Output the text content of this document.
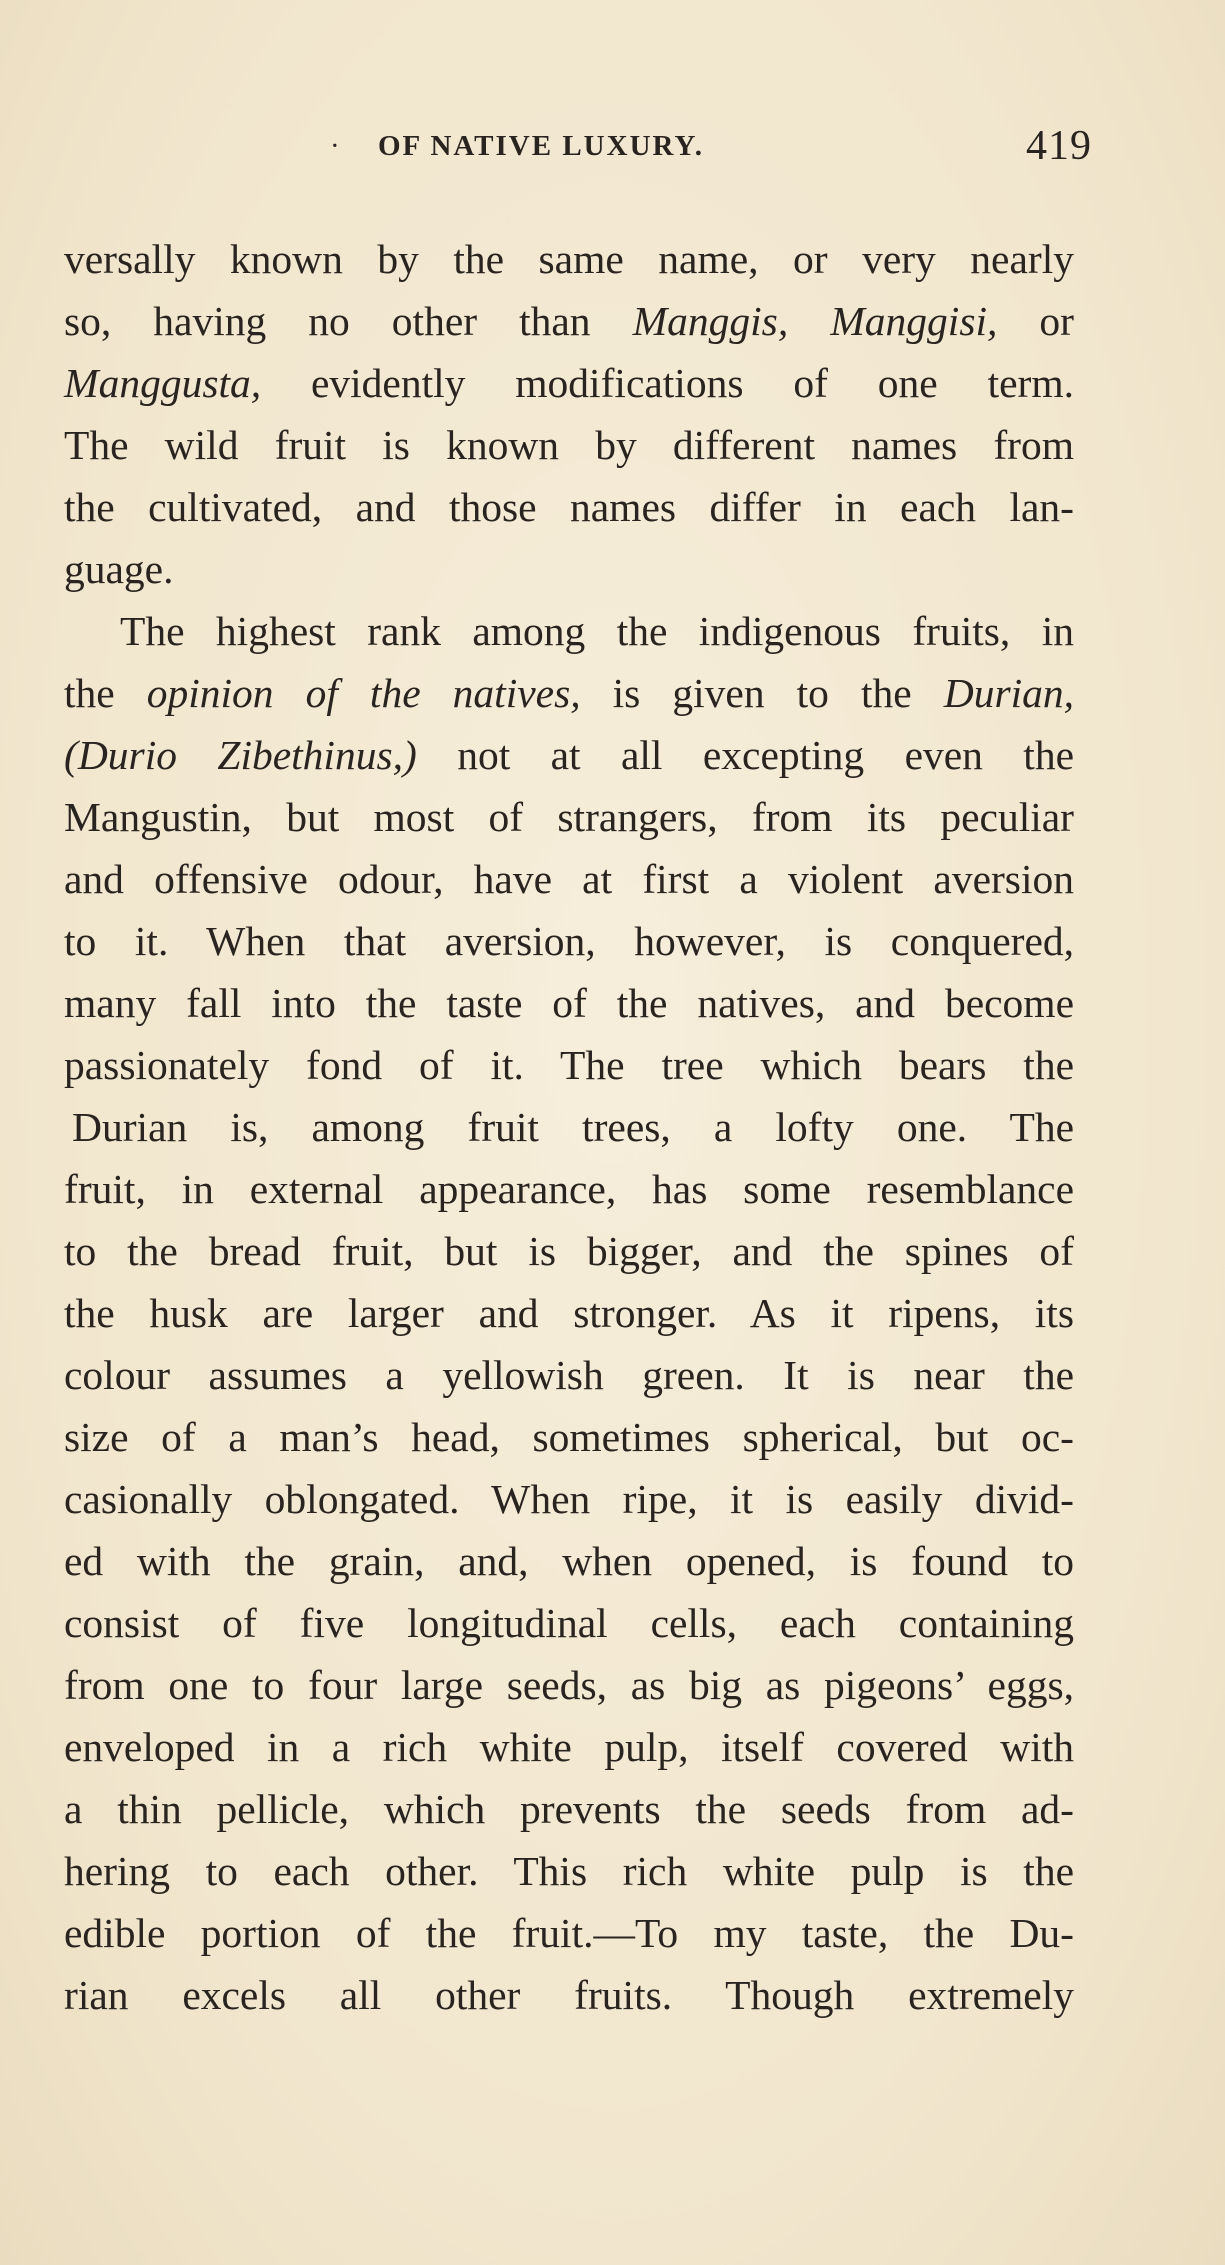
· OF NATIVE LUXURY.	419
versally known by the same name, or very nearly
so, having no other than Manggis, Manggisi, or
Manggusta, evidently modifications of one term.
The wild fruit is known by different names from
the cultivated, and those names differ in each lan-
guage.
The highest rank among the indigenous fruits, in
the opinion of the natives, is given to the Durian,
(Durio Zibethinus,) not at all excepting even the
Mangustin, but most of strangers, from its peculiar
and offensive odour, have at first a violent aversion
to it. When that aversion, however, is conquered,
many fall into the taste of the natives, and become
passionately fond of it. The tree which bears the
Durian is, among fruit trees, a lofty one. The
fruit, in external appearance, has some resemblance
to the bread fruit, but is bigger, and the spines of
the husk are larger and stronger. As it ripens, its
colour assumes a yellowish green. It is near the
size of a man’s head, sometimes spherical, but oc-
casionally oblongated. When ripe, it is easily divid-
ed with the grain, and, when opened, is found to
consist of five longitudinal cells, each containing
from one to four large seeds, as big as pigeons’ eggs,
enveloped in a rich white pulp, itself covered with
a thin pellicle, which prevents the seeds from ad-
hering to each other. This rich white pulp is the
edible portion of the fruit.—To my taste, the Du-
rian excels all other fruits. Though extremely
